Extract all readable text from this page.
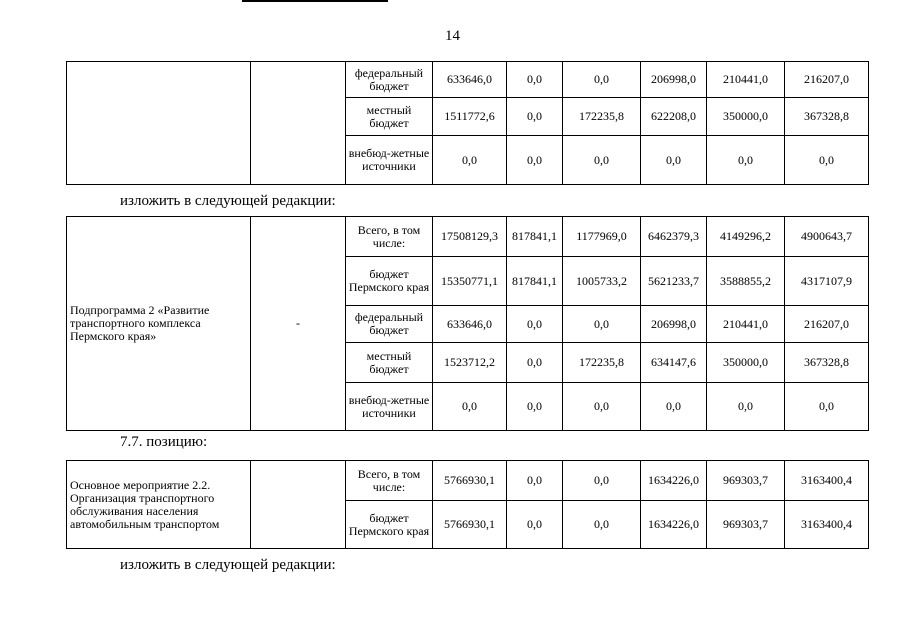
14
		федеральный бюджет	633646,0	0,0	0,0	206998,0	210441,0	216207,0
		местный бюджет	1511772,6	0,0	172235,8	622208,0	350000,0	367328,8
		внебюд-жетные источники	0,0	0,0	0,0	0,0	0,0	0,0
изложить в следующей редакции:
Подпрограмма 2 «Развитие транспортного комплекса Пермского края»	-	Всего, в том числе:	17508129,3	817841,1	1177969,0	6462379,3	4149296,2	4900643,7
		бюджет Пермского края	15350771,1	817841,1	1005733,2	5621233,7	3588855,2	4317107,9
		федеральный бюджет	633646,0	0,0	0,0	206998,0	210441,0	216207,0
		местный бюджет	1523712,2	0,0	172235,8	634147,6	350000,0	367328,8
		внебюд-жетные источники	0,0	0,0	0,0	0,0	0,0	0,0
7.7. позицию:
Основное мероприятие 2.2. Организация транспортного обслуживания населения автомобильным транспортом		Всего, в том числе:	5766930,1	0,0	0,0	1634226,0	969303,7	3163400,4
		бюджет Пермского края	5766930,1	0,0	0,0	1634226,0	969303,7	3163400,4
изложить в следующей редакции:
